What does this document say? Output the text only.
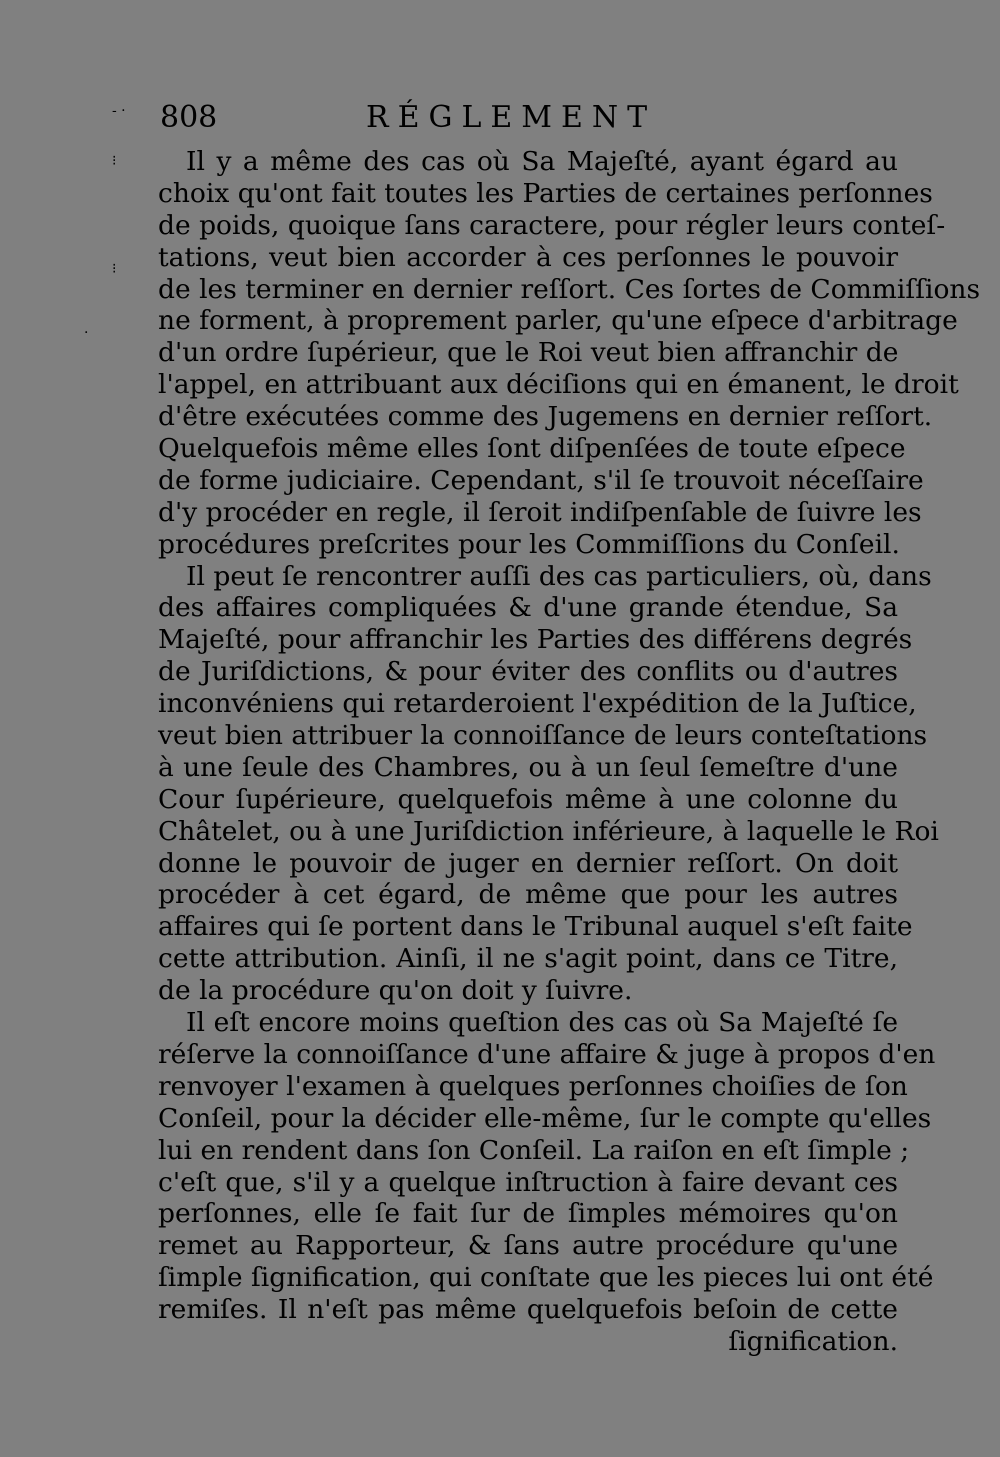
808	RÉGLEMENT
‐ ·
⁝
⁝
·
Il y a même des cas où Sa Majeſté, ayant égard au
choix qu'ont fait toutes les Parties de certaines perſonnes
de poids, quoique ſans caractere, pour régler leurs conteſ-
tations, veut bien accorder à ces perſonnes le pouvoir
de les terminer en dernier reſſort. Ces ſortes de Commiſſions
ne forment, à proprement parler, qu'une eſpece d'arbitrage
d'un ordre ſupérieur, que le Roi veut bien affranchir de
l'appel, en attribuant aux déciſions qui en émanent, le droit
d'être exécutées comme des Jugemens en dernier reſſort.
Quelquefois même elles ſont diſpenſées de toute eſpece
de forme judiciaire. Cependant, s'il ſe trouvoit néceſſaire
d'y procéder en regle, il ſeroit indiſpenſable de ſuivre les
procédures preſcrites pour les Commiſſions du Conſeil.
Il peut ſe rencontrer auſſi des cas particuliers, où, dans
des affaires compliquées & d'une grande étendue, Sa
Majeſté, pour affranchir les Parties des différens degrés
de Juriſdictions, & pour éviter des conflits ou d'autres
inconvéniens qui retarderoient l'expédition de la Juſtice,
veut bien attribuer la connoiſſance de leurs conteſtations
à une ſeule des Chambres, ou à un ſeul ſemeſtre d'une
Cour ſupérieure, quelquefois même à une colonne du
Châtelet, ou à une Juriſdiction inférieure, à laquelle le Roi
donne le pouvoir de juger en dernier reſſort. On doit
procéder à cet égard, de même que pour les autres
affaires qui ſe portent dans le Tribunal auquel s'eſt faite
cette attribution. Ainſi, il ne s'agit point, dans ce Titre,
de la procédure qu'on doit y ſuivre.
Il eſt encore moins queſtion des cas où Sa Majeſté ſe
réſerve la connoiſſance d'une affaire & juge à propos d'en
renvoyer l'examen à quelques perſonnes choiſies de ſon
Conſeil, pour la décider elle-même, ſur le compte qu'elles
lui en rendent dans ſon Conſeil. La raiſon en eſt ſimple ;
c'eſt que, s'il y a quelque inſtruction à faire devant ces
perſonnes, elle ſe fait ſur de ſimples mémoires qu'on
remet au Rapporteur, & ſans autre procédure qu'une
ſimple ſignification, qui conſtate que les pieces lui ont été
remiſes. Il n'eſt pas même quelquefois beſoin de cette
ſignification.
